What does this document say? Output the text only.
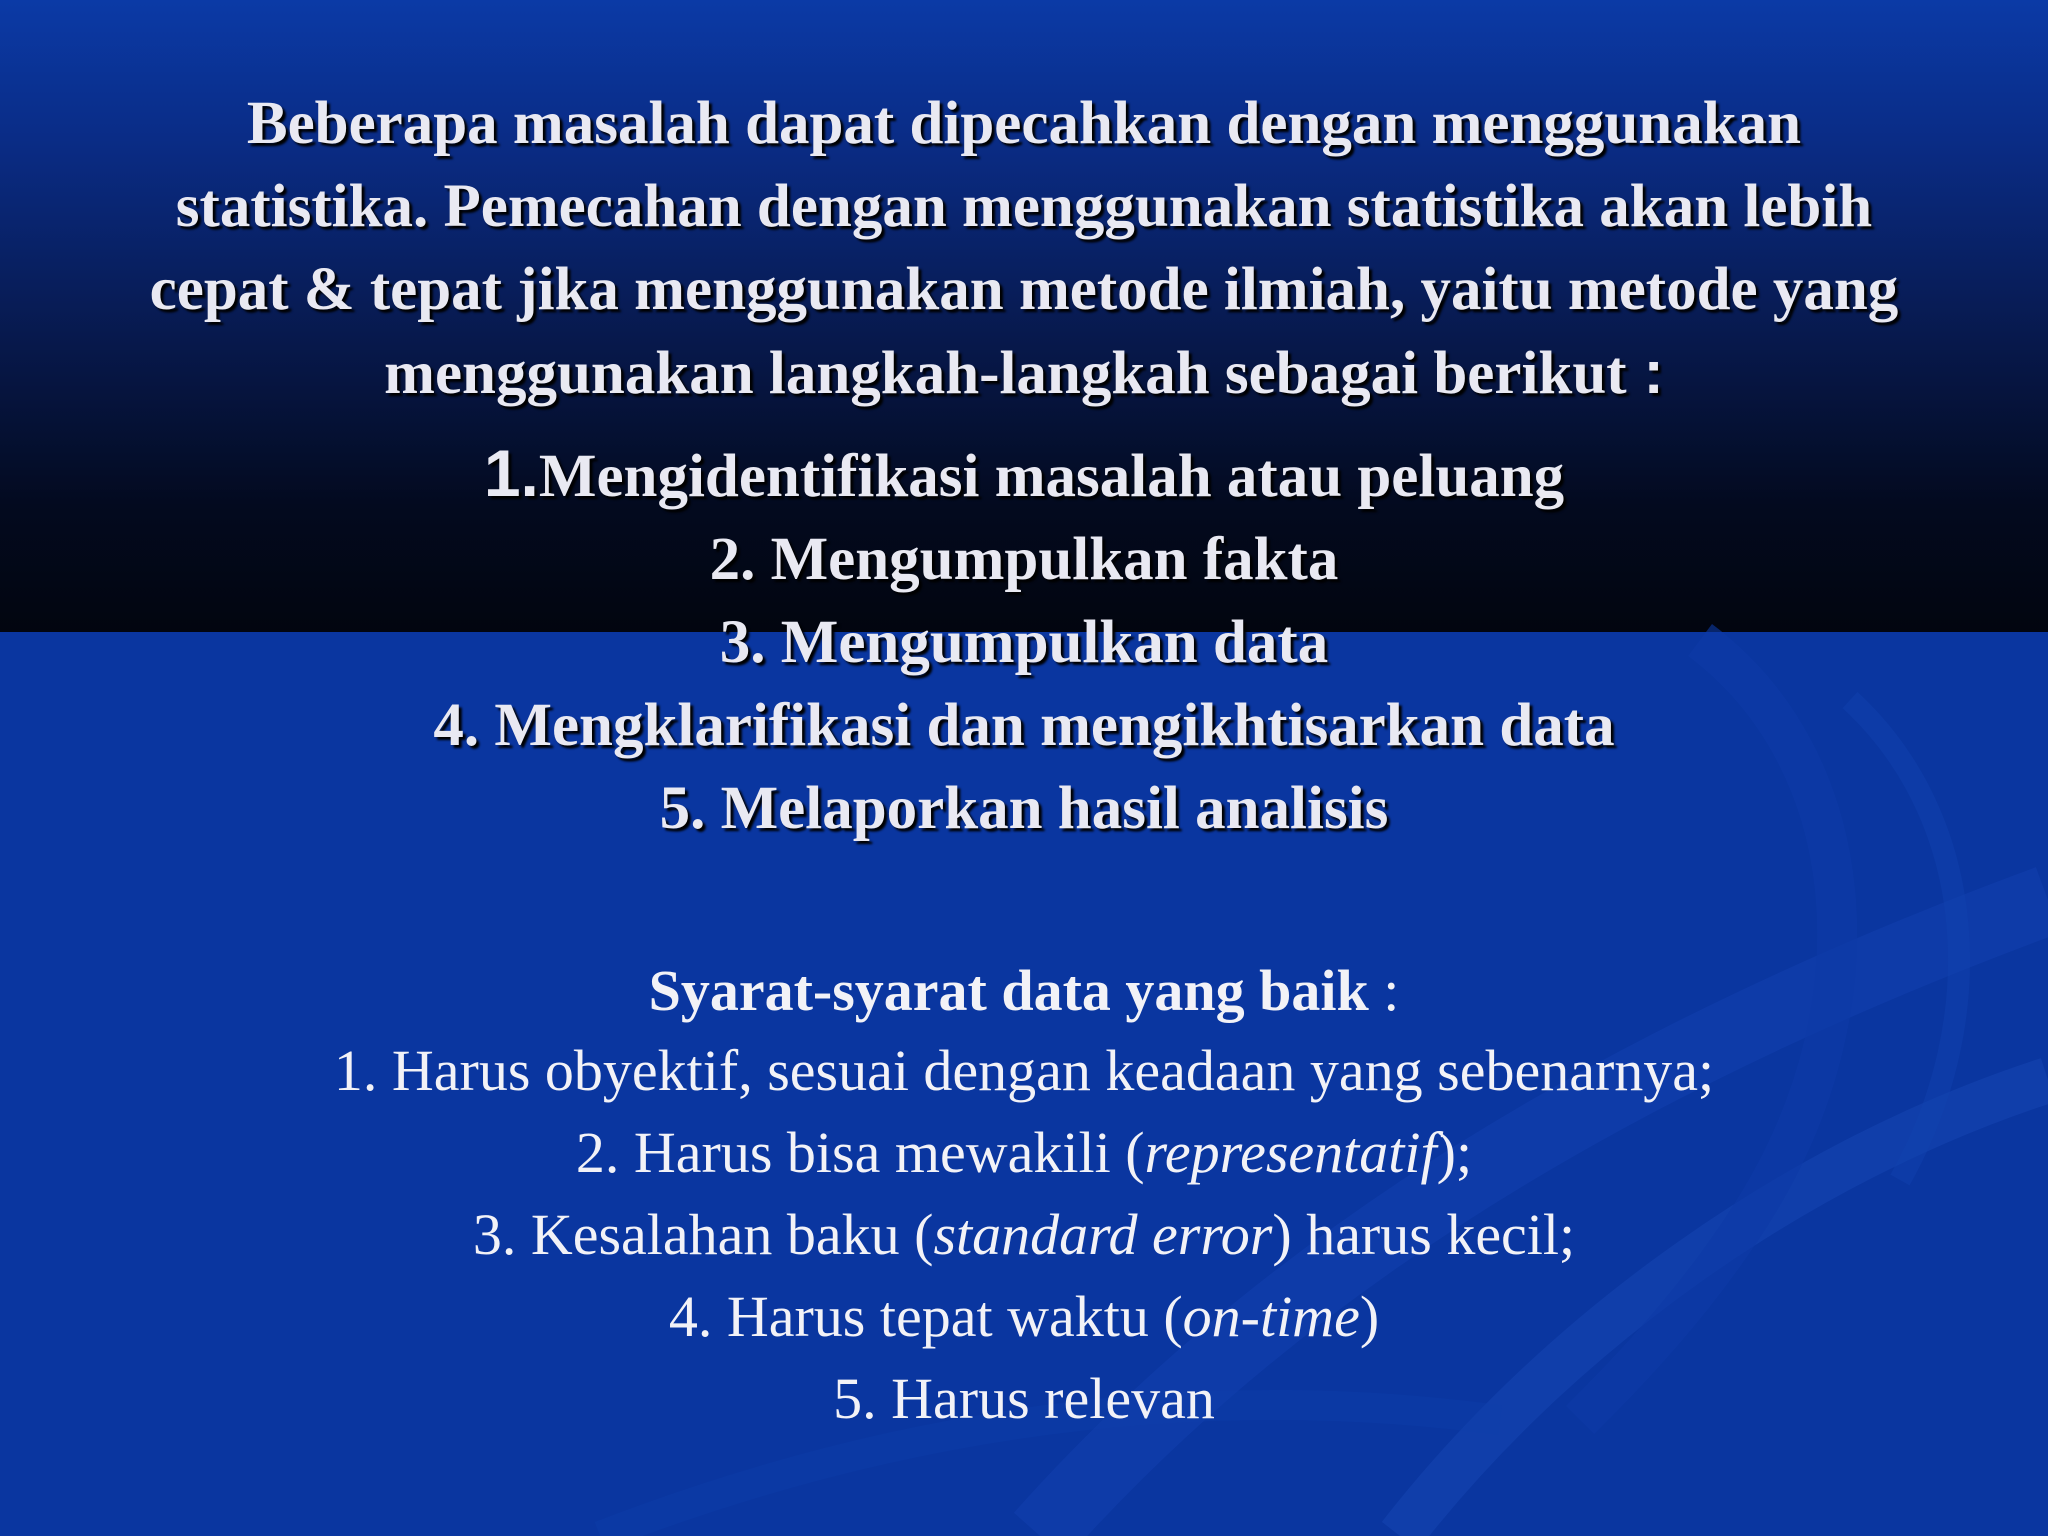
Beberapa masalah dapat dipecahkan dengan menggunakan
statistika. Pemecahan dengan menggunakan statistika akan lebih
cepat & tepat jika menggunakan metode ilmiah, yaitu metode yang
menggunakan langkah-langkah sebagai berikut :
1.Mengidentifikasi masalah atau peluang
2. Mengumpulkan fakta
3. Mengumpulkan data
4. Mengklarifikasi dan mengikhtisarkan data
5. Melaporkan hasil analisis
Syarat-syarat data yang baik :
1. Harus obyektif, sesuai dengan keadaan yang sebenarnya;
2. Harus bisa mewakili (representatif);
3. Kesalahan baku (standard error) harus kecil;
4. Harus tepat waktu (on-time)
5. Harus relevan
